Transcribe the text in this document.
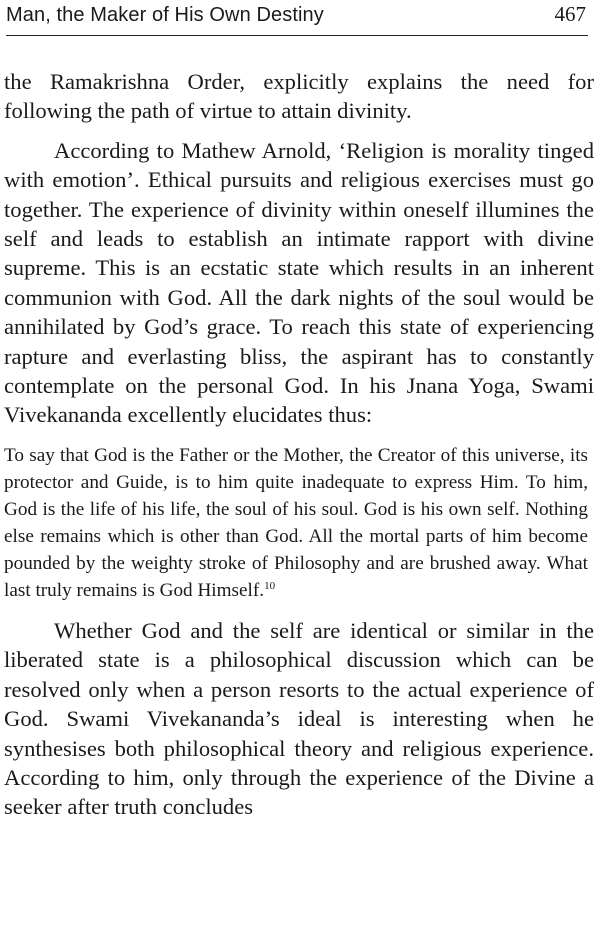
Man, the Maker of His Own Destiny	467

the Ramakrishna Order, explicitly explains the need for following the path of virtue to attain divinity.

According to Mathew Arnold, ‘Religion is morality tinged with emotion’. Ethical pursuits and religious exercises must go together. The experience of divinity within oneself illumines the self and leads to establish an intimate rapport with divine supreme. This is an ecstatic state which results in an inherent communion with God. All the dark nights of the soul would be annihilated by God’s grace. To reach this state of experiencing rapture and everlasting bliss, the aspirant has to constantly contemplate on the personal God. In his Jnana Yoga, Swami Vivekananda excellently elucidates thus:

To say that God is the Father or the Mother, the Creator of this universe, its protector and Guide, is to him quite inadequate to express Him. To him, God is the life of his life, the soul of his soul. God is his own self. Nothing else remains which is other than God. All the mortal parts of him become pounded by the weighty stroke of Philosophy and are brushed away. What last truly remains is God Himself.$^{10}$

Whether God and the self are identical or similar in the liberated state is a philosophical discussion which can be resolved only when a person resorts to the actual experience of God. Swami Vivekananda’s ideal is interesting when he synthesises both philosophical theory and religious experience. According to him, only through the experience of the Divine a seeker after truth concludes
